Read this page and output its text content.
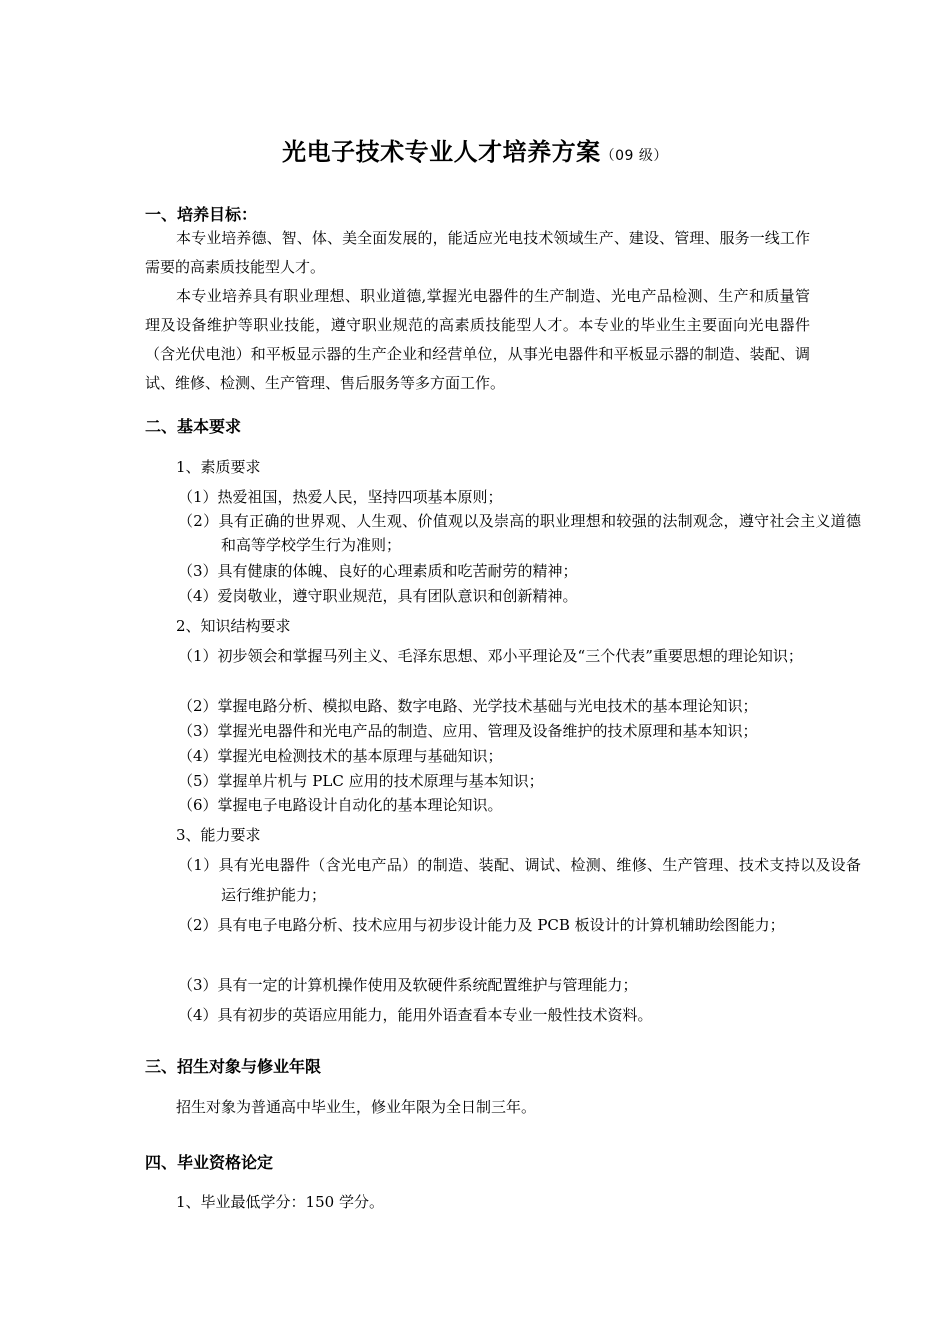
光电子技术专业人才培养方案（09 级）
一、培养目标：
本专业培养德、智、体、美全面发展的，能适应光电技术领域生产、建设、管理、服务一线工作需要的高素质技能型人才。
本专业培养具有职业理想、职业道德,掌握光电器件的生产制造、光电产品检测、生产和质量管理及设备维护等职业技能，遵守职业规范的高素质技能型人才。本专业的毕业生主要面向光电器件（含光伏电池）和平板显示器的生产企业和经营单位，从事光电器件和平板显示器的制造、装配、调试、维修、检测、生产管理、售后服务等多方面工作。
二、基本要求
1、素质要求
（1）热爱祖国，热爱人民，坚持四项基本原则；
（2）具有正确的世界观、人生观、价值观以及崇高的职业理想和较强的法制观念，遵守社会主义道德和高等学校学生行为准则；
（3）具有健康的体魄、良好的心理素质和吃苦耐劳的精神；
（4）爱岗敬业，遵守职业规范，具有团队意识和创新精神。
2、知识结构要求
（1）初步领会和掌握马列主义、毛泽东思想、邓小平理论及“三个代表”重要思想的理论知识；
（2）掌握电路分析、模拟电路、数字电路、光学技术基础与光电技术的基本理论知识；
（3）掌握光电器件和光电产品的制造、应用、管理及设备维护的技术原理和基本知识；
（4）掌握光电检测技术的基本原理与基础知识；
（5）掌握单片机与 PLC 应用的技术原理与基本知识；
（6）掌握电子电路设计自动化的基本理论知识。
3、能力要求
（1）具有光电器件（含光电产品）的制造、装配、调试、检测、维修、生产管理、技术支持以及设备运行维护能力；
（2）具有电子电路分析、技术应用与初步设计能力及 PCB 板设计的计算机辅助绘图能力；
（3）具有一定的计算机操作使用及软硬件系统配置维护与管理能力；
（4）具有初步的英语应用能力，能用外语查看本专业一般性技术资料。
三、招生对象与修业年限
招生对象为普通高中毕业生，修业年限为全日制三年。
四、毕业资格论定
1、毕业最低学分：150 学分。
